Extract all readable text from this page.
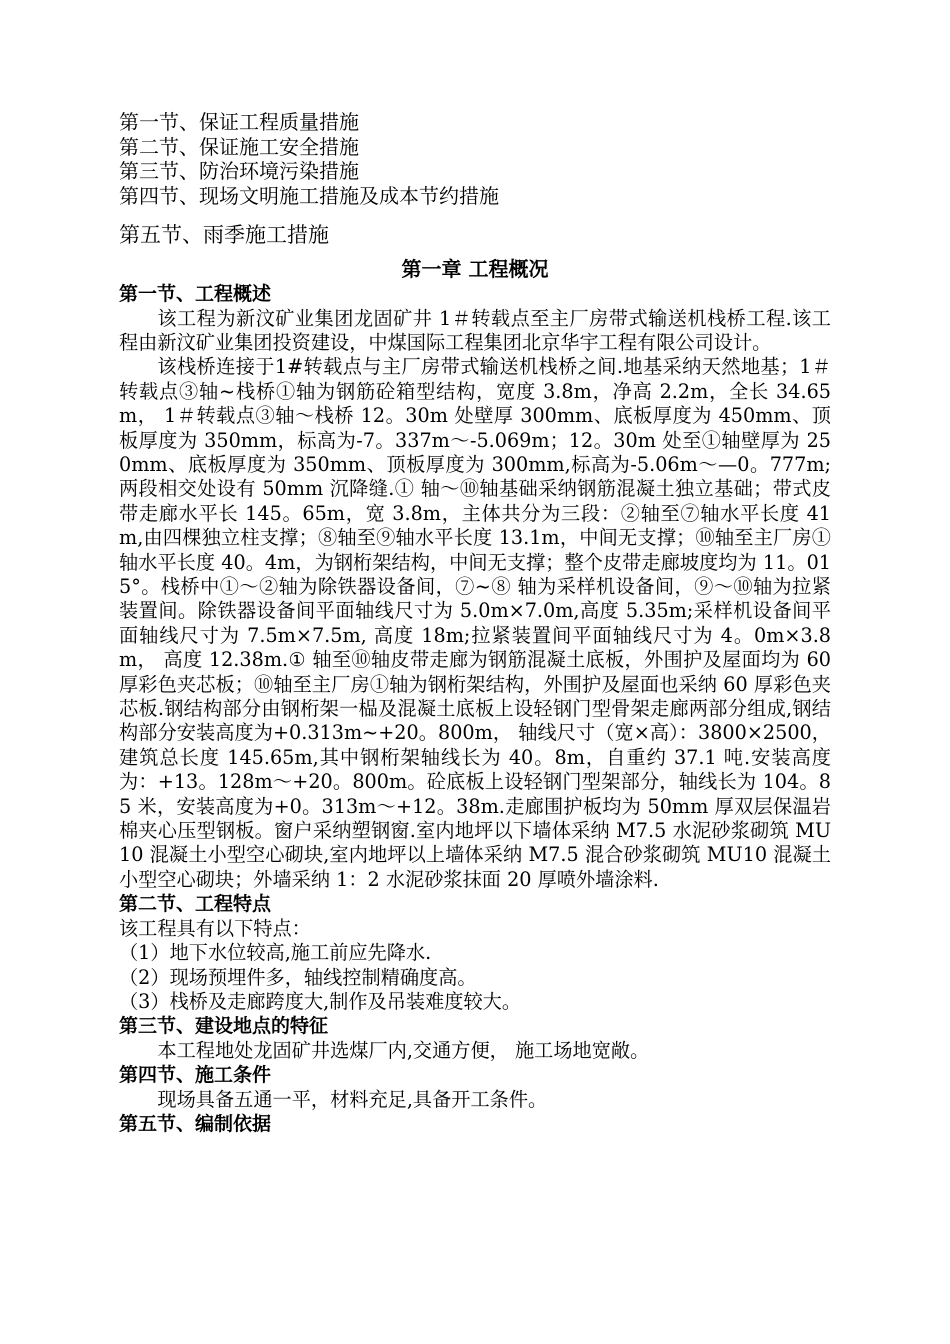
第一节、保证工程质量措施
第二节、保证施工安全措施
第三节、防治环境污染措施
第四节、现场文明施工措施及成本节约措施
第五节、雨季施工措施
第一章 工程概况
第一节、工程概述

该工程为新汶矿业集团龙固矿井 1＃转载点至主厂房带式输送机栈桥工程.该工程由新汶矿业集团投资建设，中煤国际工程集团北京华宇工程有限公司设计。

该栈桥连接于1#转载点与主厂房带式输送机栈桥之间.地基采纳天然地基；1＃转载点③轴~栈桥①轴为钢筋砼箱型结构，宽度 3.8m，净高 2.2m，全长 34.65m， 1＃转载点③轴～栈桥 12。30m 处壁厚 300mm、底板厚度为 450mm、顶板厚度为 350mm，标高为-7。337m～-5.069m；12。30m 处至①轴壁厚为 250mm、底板厚度为 350mm、顶板厚度为 300mm,标高为-5.06m～—0。777m;两段相交处设有 50mm 沉降缝.① 轴～⑩轴基础采纳钢筋混凝土独立基础；带式皮带走廊水平长 145。65m，宽 3.8m，主体共分为三段：②轴至⑦轴水平长度 41m,由四棵独立柱支撑；⑧轴至⑨轴水平长度 13.1m，中间无支撑；⑩轴至主厂房①轴水平长度 40。4m，为钢桁架结构，中间无支撑；整个皮带走廊坡度均为 11。015°。栈桥中①～②轴为除铁器设备间，⑦~⑧ 轴为采样机设备间，⑨～⑩轴为拉紧装置间。除铁器设备间平面轴线尺寸为 5.0m×7.0m,高度 5.35m;采样机设备间平面轴线尺寸为 7.5m×7.5m, 高度 18m;拉紧装置间平面轴线尺寸为 4。0m×3.8m， 高度 12.38m.① 轴至⑩轴皮带走廊为钢筋混凝土底板，外围护及屋面均为 60 厚彩色夹芯板；⑩轴至主厂房①轴为钢桁架结构，外围护及屋面也采纳 60 厚彩色夹芯板.钢结构部分由钢桁架一榀及混凝土底板上设轻钢门型骨架走廊两部分组成,钢结构部分安装高度为+0.313m~+20。800m， 轴线尺寸（宽×高）：3800×2500， 建筑总长度 145.65m,其中钢桁架轴线长为 40。8m，自重约 37.1 吨.安装高度为：+13。128m～+20。800m。砼底板上设轻钢门型架部分，轴线长为 104。85 米，安装高度为+0。313m～+12。38m.走廊围护板均为 50mm 厚双层保温岩棉夹心压型钢板。窗户采纳塑钢窗.室内地坪以下墙体采纳 M7.5 水泥砂浆砌筑 MU10 混凝土小型空心砌块,室内地坪以上墙体采纳 M7.5 混合砂浆砌筑 MU10 混凝土小型空心砌块；外墙采纳 1：2 水泥砂浆抹面 20 厚喷外墙涂料.

第二节、工程特点

该工程具有以下特点：

（1）地下水位较高,施工前应先降水.

（2）现场预埋件多，轴线控制精确度高。

（3）栈桥及走廊跨度大,制作及吊装难度较大。

第三节、建设地点的特征

本工程地处龙固矿井选煤厂内,交通方便， 施工场地宽敞。

第四节、施工条件

现场具备五通一平，材料充足,具备开工条件。

第五节、编制依据
